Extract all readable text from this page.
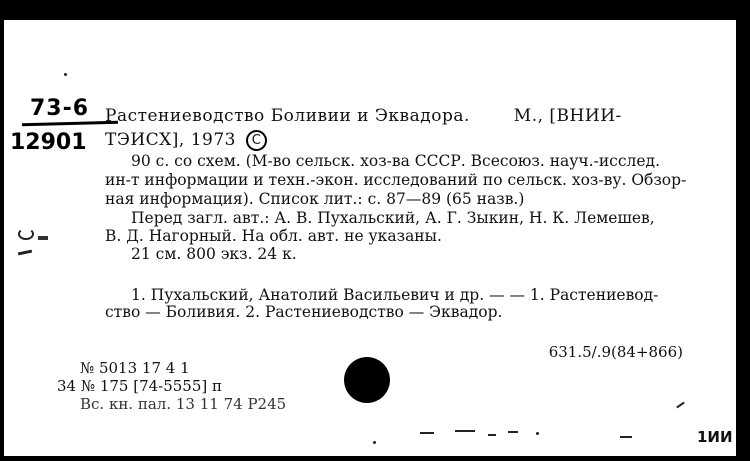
73-6
12901
Растениеводство Боливии и Эквадора.	М., [ВНИИ-
ТЭИСХ], 1973 C
90 с. со схем. (М-во сельск. хоз-ва СССР. Всесоюз. науч.-исслед.
ин-т информации и техн.-экон. исследований по сельск. хоз-ву. Обзор-
ная информация). Список лит.: с. 87—89 (65 назв.)
Перед загл. авт.: А. В. Пухальский, А. Г. Зыкин, Н. К. Лемешев,
В. Д. Нагорный. На обл. авт. не указаны.
21 см. 800 экз. 24 к.
1. Пухальский, Анатолий Васильевич и др. — — 1. Растениевод-
ство — Боливия. 2. Растениеводство — Эквадор.
631.5/.9(84+866)
№ 5013 17 4 1
34 № 175 [74-5555] п
Вс. кн. пал. 13 11 74 Р245
1ИИ
